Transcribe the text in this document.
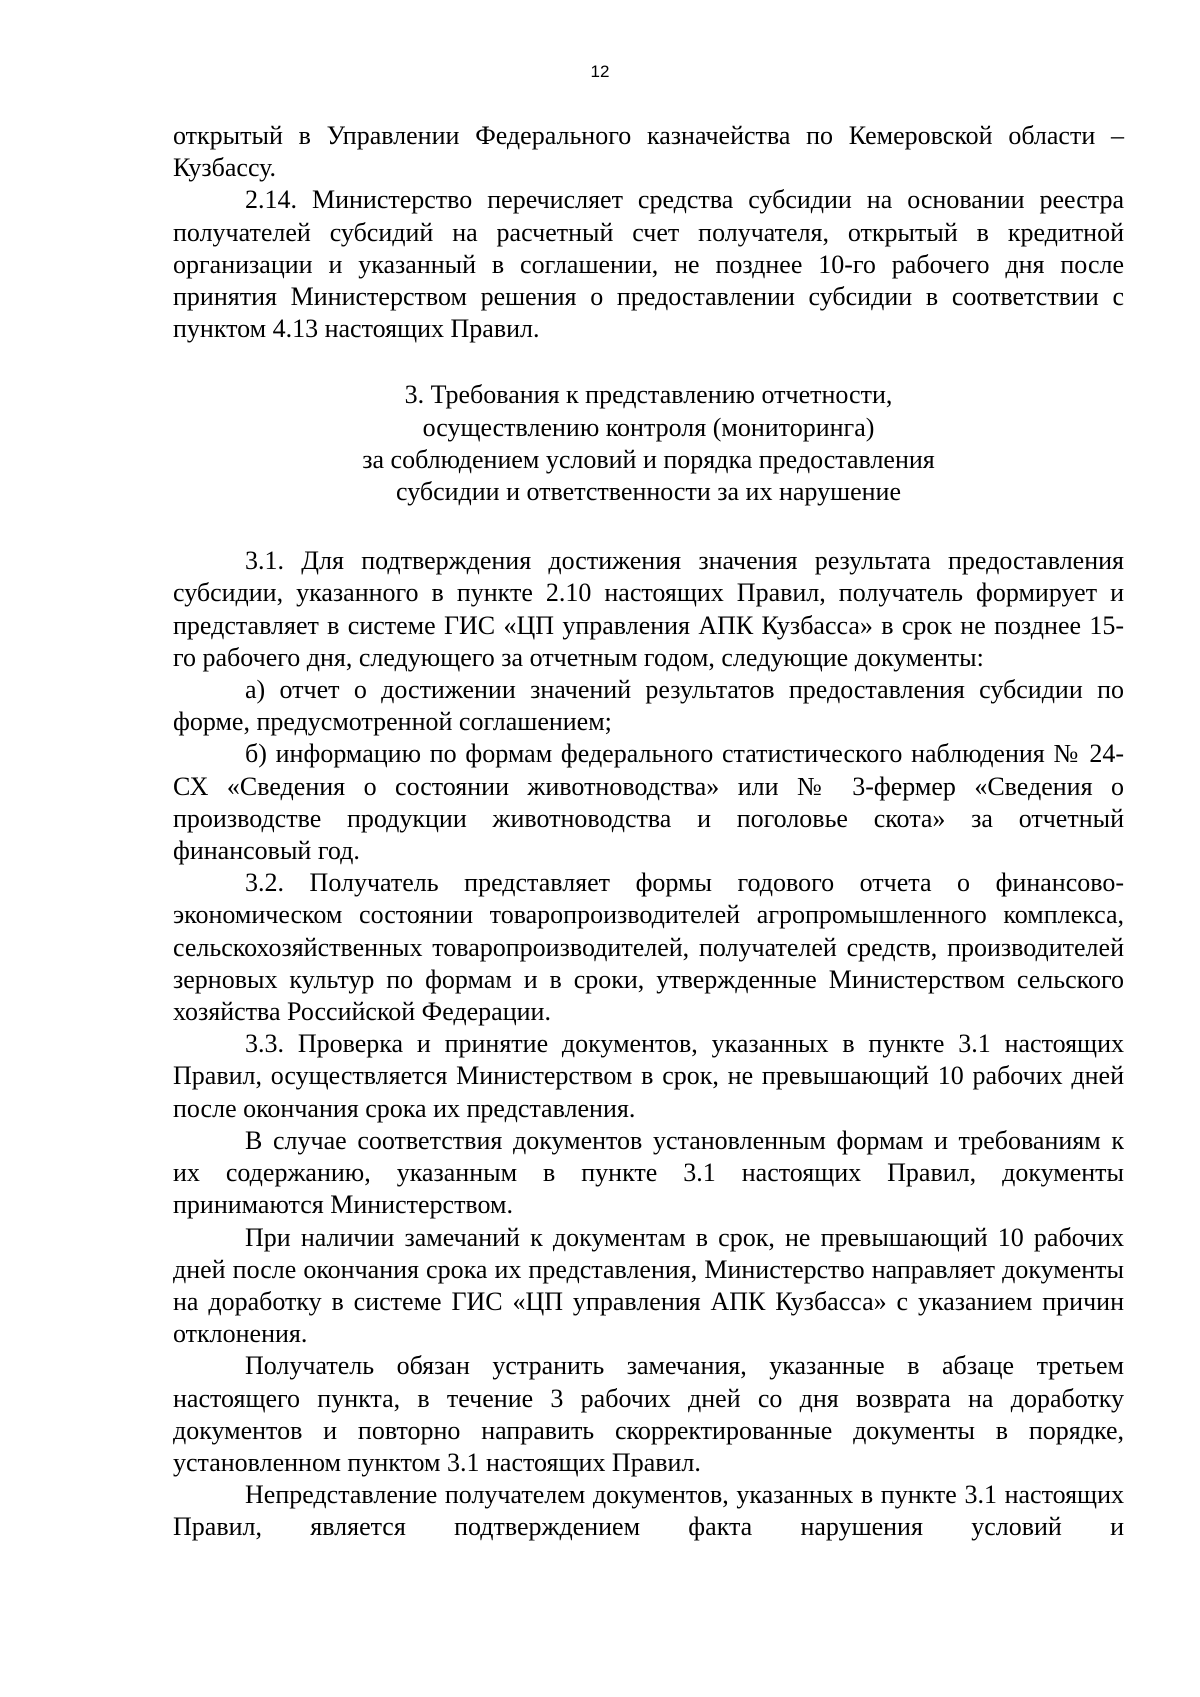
12

открытый в Управлении Федерального казначейства по Кемеровской области – Кузбассу.

2.14. Министерство перечисляет средства субсидии на основании реестра получателей субсидий на расчетный счет получателя, открытый в кредитной организации и указанный в соглашении, не позднее 10-го рабочего дня после принятия Министерством решения о предоставлении субсидии в соответствии с пунктом 4.13 настоящих Правил.

3. Требования к представлению отчетности,
осуществлению контроля (мониторинга)
за соблюдением условий и порядка предоставления
субсидии и ответственности за их нарушение

3.1. Для подтверждения достижения значения результата предоставления субсидии, указанного в пункте 2.10 настоящих Правил, получатель формирует и представляет в системе ГИС «ЦП управления АПК Кузбасса» в срок не позднее 15-го рабочего дня, следующего за отчетным годом, следующие документы:

а) отчет о достижении значений результатов предоставления субсидии по форме, предусмотренной соглашением;

б) информацию по формам федерального статистического наблюдения № 24-СХ «Сведения о состоянии животноводства» или № 3-фермер «Сведения о производстве продукции животноводства и поголовье скота» за отчетный финансовый год.

3.2. Получатель представляет формы годового отчета о финансово-экономическом состоянии товаропроизводителей агропромышленного комплекса, сельскохозяйственных товаропроизводителей, получателей средств, производителей зерновых культур по формам и в сроки, утвержденные Министерством сельского хозяйства Российской Федерации.

3.3. Проверка и принятие документов, указанных в пункте 3.1 настоящих Правил, осуществляется Министерством в срок, не превышающий 10 рабочих дней после окончания срока их представления.

В случае соответствия документов установленным формам и требованиям к их содержанию, указанным в пункте 3.1 настоящих Правил, документы принимаются Министерством.

При наличии замечаний к документам в срок, не превышающий 10 рабочих дней после окончания срока их представления, Министерство направляет документы на доработку в системе ГИС «ЦП управления АПК Кузбасса» с указанием причин отклонения.

Получатель обязан устранить замечания, указанные в абзаце третьем настоящего пункта, в течение 3 рабочих дней со дня возврата на доработку документов и повторно направить скорректированные документы в порядке, установленном пунктом 3.1 настоящих Правил.

Непредставление получателем документов, указанных в пункте 3.1 настоящих Правил, является подтверждением факта нарушения условий и
